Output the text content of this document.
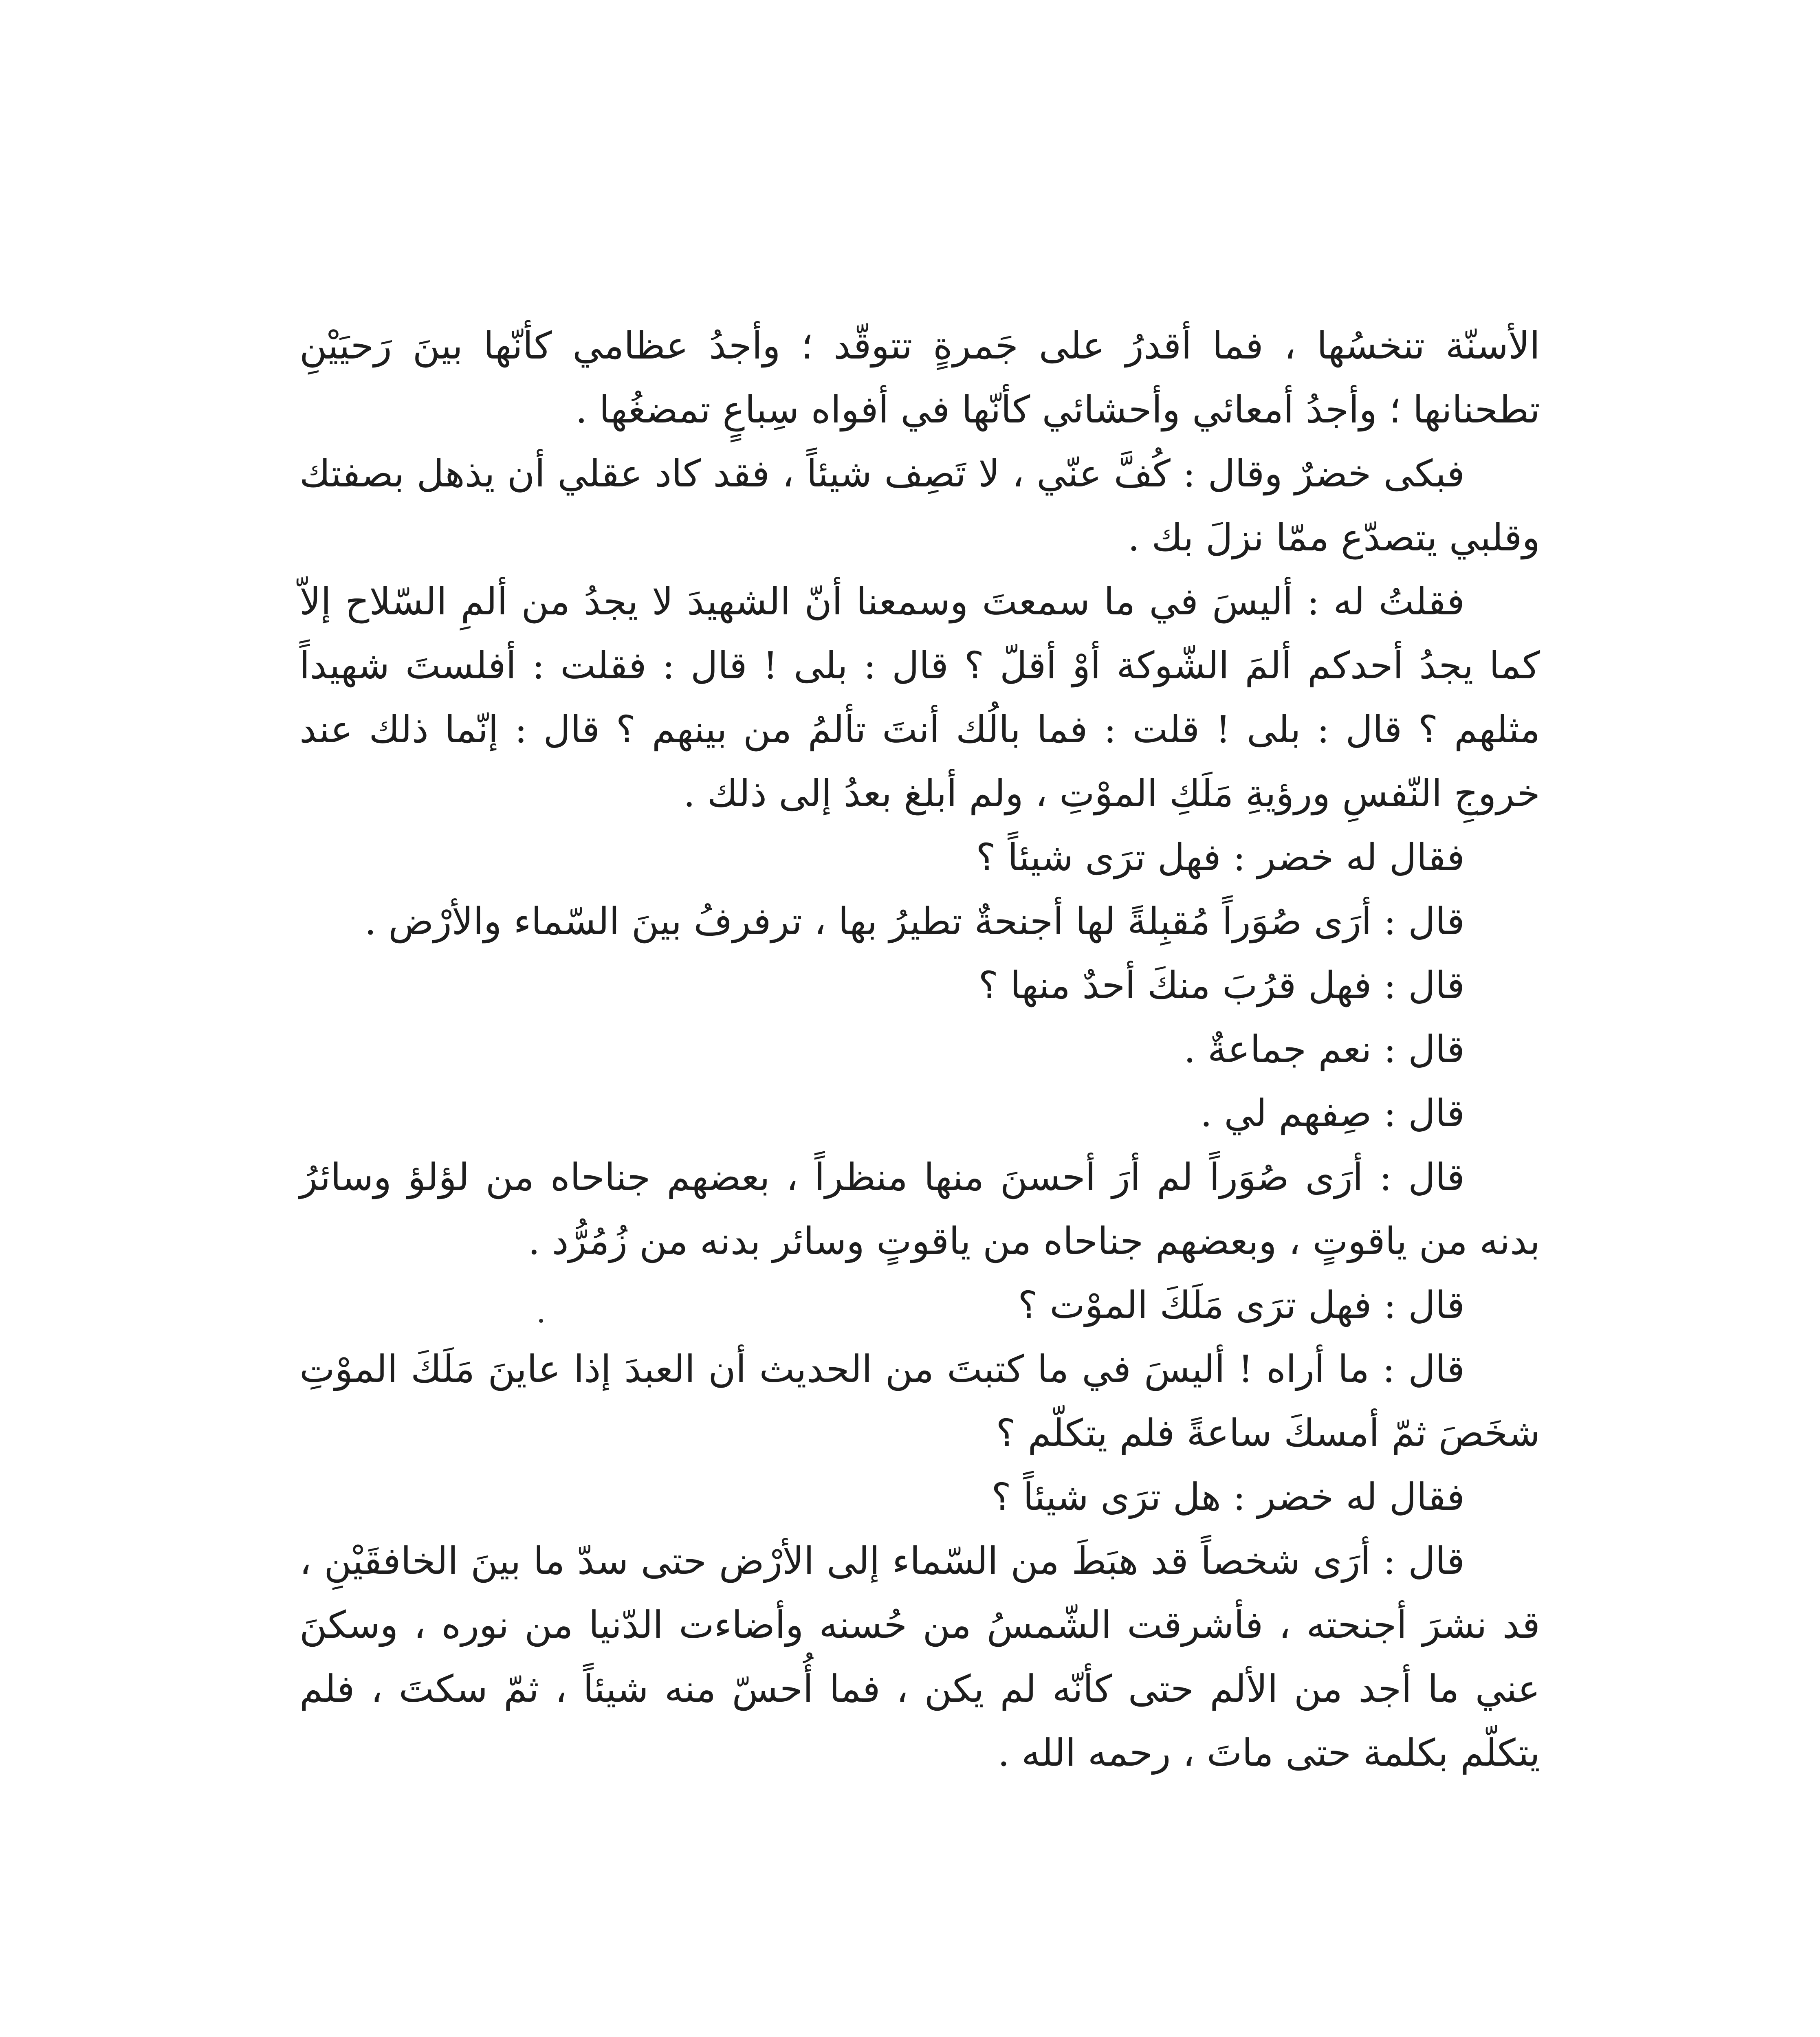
الأسنّة تنخسُها ، فما أقدرُ على جَمرةٍ تتوقّد ؛ وأجدُ عظامي كأنّها بينَ رَحيَيْنِ تطحنانها ؛ وأجدُ أمعائي وأحشائي كأنّها في أفواه سِباعٍ تمضغُها .

فبكى خضرٌ وقال : كُفَّ عنّي ، لا تَصِف شيئاً ، فقد كاد عقلي أن يذهل بصفتك وقلبي يتصدّع ممّا نزلَ بك .

فقلتُ له : أليسَ في ما سمعتَ وسمعنا أنّ الشهيدَ لا يجدُ من ألمِ السّلاح إلاّ كما يجدُ أحدكم ألمَ الشّوكة أوْ أقلّ ؟ قال : بلى ! قال : فقلت : أفلستَ شهيداً مثلهم ؟ قال : بلى ! قلت : فما بالُك أنتَ تألمُ من بينهم ؟ قال : إنّما ذلك عند خروجِ النّفسِ ورؤيةِ مَلَكِ الموْتِ ، ولم أبلغ بعدُ إلى ذلك .

فقال له خضر : فهل ترَى شيئاً ؟

قال : أرَى صُوَراً مُقبِلةً لها أجنحةٌ تطيرُ بها ، ترفرفُ بينَ السّماء والأرْض .

قال : فهل قرُبَ منكَ أحدٌ منها ؟

قال : نعم جماعةٌ .

قال : صِفهم لي .

قال : أرَى صُوَراً لم أرَ أحسنَ منها منظراً ، بعضهم جناحاه من لؤلؤ وسائرُ بدنه من ياقوتٍ ، وبعضهم جناحاه من ياقوتٍ وسائر بدنه من زُمُرُّد .

قال : فهل ترَى مَلَكَ الموْت ؟

قال : ما أراه ! أليسَ في ما كتبتَ من الحديث أن العبدَ إذا عاينَ مَلَكَ الموْتِ شخَصَ ثمّ أمسكَ ساعةً فلم يتكلّم ؟

فقال له خضر : هل ترَى شيئاً ؟

قال : أرَى شخصاً قد هبَطَ من السّماء إلى الأرْض حتى سدّ ما بينَ الخافقَيْنِ ، قد نشرَ أجنحته ، فأشرقت الشّمسُ من حُسنه وأضاءت الدّنيا من نوره ، وسكنَ عني ما أجد من الألم حتى كأنّه لم يكن ، فما أُحسّ منه شيئاً ، ثمّ سكتَ ، فلم يتكلّم بكلمة حتى ماتَ ، رحمه الله .
